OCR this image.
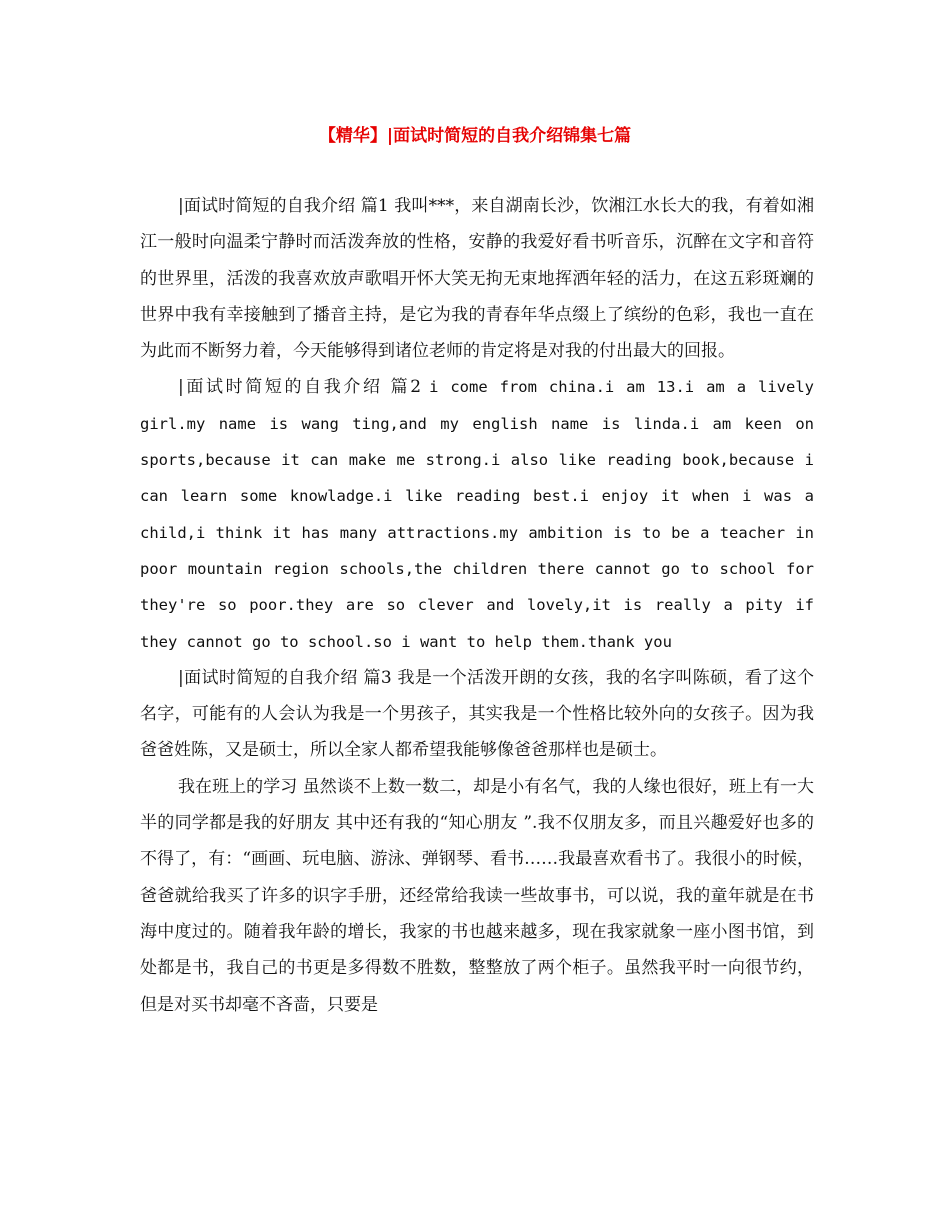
【精华】|面试时简短的自我介绍锦集七篇

|面试时简短的自我介绍 篇1 我叫***，来自湖南长沙，饮湘江水长大的我，有着如湘江一般时向温柔宁静时而活泼奔放的性格，安静的我爱好看书听音乐，沉醉在文字和音符的世界里，活泼的我喜欢放声歌唱开怀大笑无拘无束地挥洒年轻的活力，在这五彩斑斓的世界中我有幸接触到了播音主持，是它为我的青春年华点缀上了缤纷的色彩，我也一直在为此而不断努力着，今天能够得到诸位老师的肯定将是对我的付出最大的回报。

|面试时简短的自我介绍 篇2 i come from china.i am 13.i am a lively girl.my name is wang ting,and my english name is linda.i am keen on sports,because it can make me strong.i also like reading book,because i can learn some knowladge.i like reading best.i enjoy it when i was a child,i think it has many attractions.my ambition is to be a teacher in poor mountain region schools,the children there cannot go to school for they're so poor.they are so clever and lovely,it is really a pity if they cannot go to school.so i want to help them.thank you

|面试时简短的自我介绍 篇3 我是一个活泼开朗的女孩，我的名字叫陈硕，看了这个名字，可能有的人会认为我是一个男孩子，其实我是一个性格比较外向的女孩子。因为我爸爸姓陈，又是硕士，所以全家人都希望我能够像爸爸那样也是硕士。

我在班上的学习 虽然谈不上数一数二，却是小有名气，我的人缘也很好，班上有一大半的同学都是我的好朋友 其中还有我的“知心朋友 ”.我不仅朋友多，而且兴趣爱好也多的不得了，有：“画画、玩电脑、游泳、弹钢琴、看书……我最喜欢看书了。我很小的时候，爸爸就给我买了许多的识字手册，还经常给我读一些故事书，可以说，我的童年就是在书海中度过的。随着我年龄的增长，我家的书也越来越多，现在我家就象一座小图书馆，到处都是书，我自己的书更是多得数不胜数，整整放了两个柜子。虽然我平时一向很节约，但是对买书却毫不吝啬，只要是
